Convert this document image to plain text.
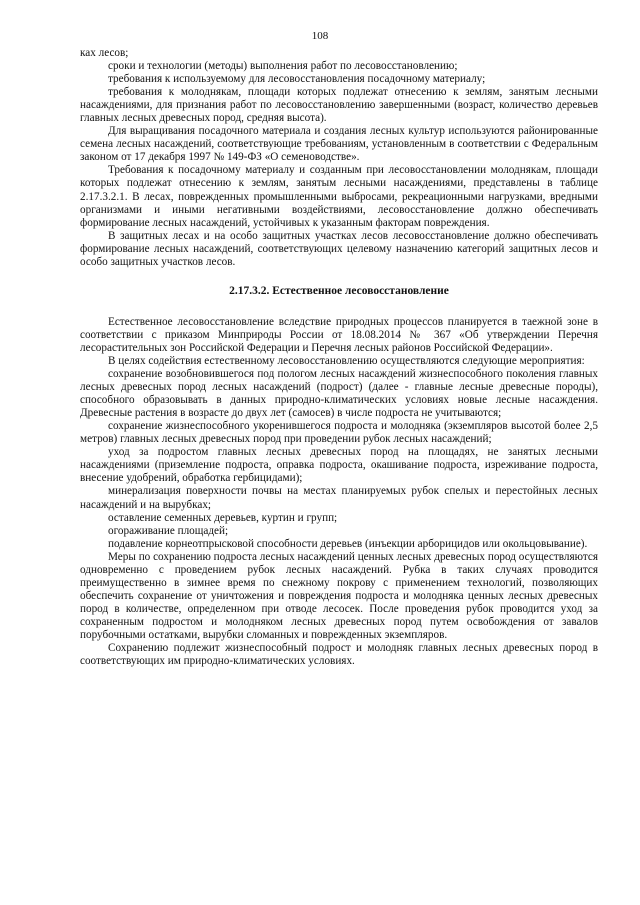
108

ках лесов;

сроки и технологии (методы) выполнения работ по лесовосстановлению;

требования к используемому для лесовосстановления посадочному материалу;

требования к молоднякам, площади которых подлежат отнесению к землям, занятым лесными насаждениями, для признания работ по лесовосстановлению завершенными (возраст, количество деревьев главных лесных древесных пород, средняя высота).

Для выращивания посадочного материала и создания лесных культур используются районированные семена лесных насаждений, соответствующие требованиям, установленным в соответствии с Федеральным законом от 17 декабря 1997 № 149-ФЗ «О семеноводстве».

Требования к посадочному материалу и созданным при лесовосстановлении молоднякам, площади которых подлежат отнесению к землям, занятым лесными насаждениями, представлены в таблице 2.17.3.2.1. В лесах, поврежденных промышленными выбросами, рекреационными нагрузками, вредными организмами и иными негативными воздействиями, лесовосстановление должно обеспечивать формирование лесных насаждений, устойчивых к указанным факторам повреждения.

В защитных лесах и на особо защитных участках лесов лесовосстановление должно обеспечивать формирование лесных насаждений, соответствующих целевому назначению категорий защитных лесов и особо защитных участков лесов.

2.17.3.2. Естественное лесовосстановление

Естественное лесовосстановление вследствие природных процессов планируется в таежной зоне в соответствии с приказом Минприроды России от 18.08.2014 № 367 «Об утверждении Перечня лесорастительных зон Российской Федерации и Перечня лесных районов Российской Федерации».

В целях содействия естественному лесовосстановлению осуществляются следующие мероприятия:

сохранение возобновившегося под пологом лесных насаждений жизнеспособного поколения главных лесных древесных пород лесных насаждений (подрост) (далее - главные лесные древесные породы), способного образовывать в данных природно-климатических условиях новые лесные насаждения. Древесные растения в возрасте до двух лет (самосев) в числе подроста не учитываются;

сохранение жизнеспособного укоренившегося подроста и молодняка (экземпляров высотой более 2,5 метров) главных лесных древесных пород при проведении рубок лесных насаждений;

уход за подростом главных лесных древесных пород на площадях, не занятых лесными насаждениями (приземление подроста, оправка подроста, окашивание подроста, изреживание подроста, внесение удобрений, обработка гербицидами);

минерализация поверхности почвы на местах планируемых рубок спелых и перестойных лесных насаждений и на вырубках;

оставление семенных деревьев, куртин и групп;

огораживание площадей;

подавление корнеотпрысковой способности деревьев (инъекции арборицидов или окольцовывание).

Меры по сохранению подроста лесных насаждений ценных лесных древесных пород осуществляются одновременно с проведением рубок лесных насаждений. Рубка в таких случаях проводится преимущественно в зимнее время по снежному покрову с применением технологий, позволяющих обеспечить сохранение от уничтожения и повреждения подроста и молодняка ценных лесных древесных пород в количестве, определенном при отводе лесосек. После проведения рубок проводится уход за сохраненным подростом и молодняком лесных древесных пород путем освобождения от завалов порубочными остатками, вырубки сломанных и поврежденных экземпляров.

Сохранению подлежит жизнеспособный подрост и молодняк главных лесных древесных пород в соответствующих им природно-климатических условиях.
